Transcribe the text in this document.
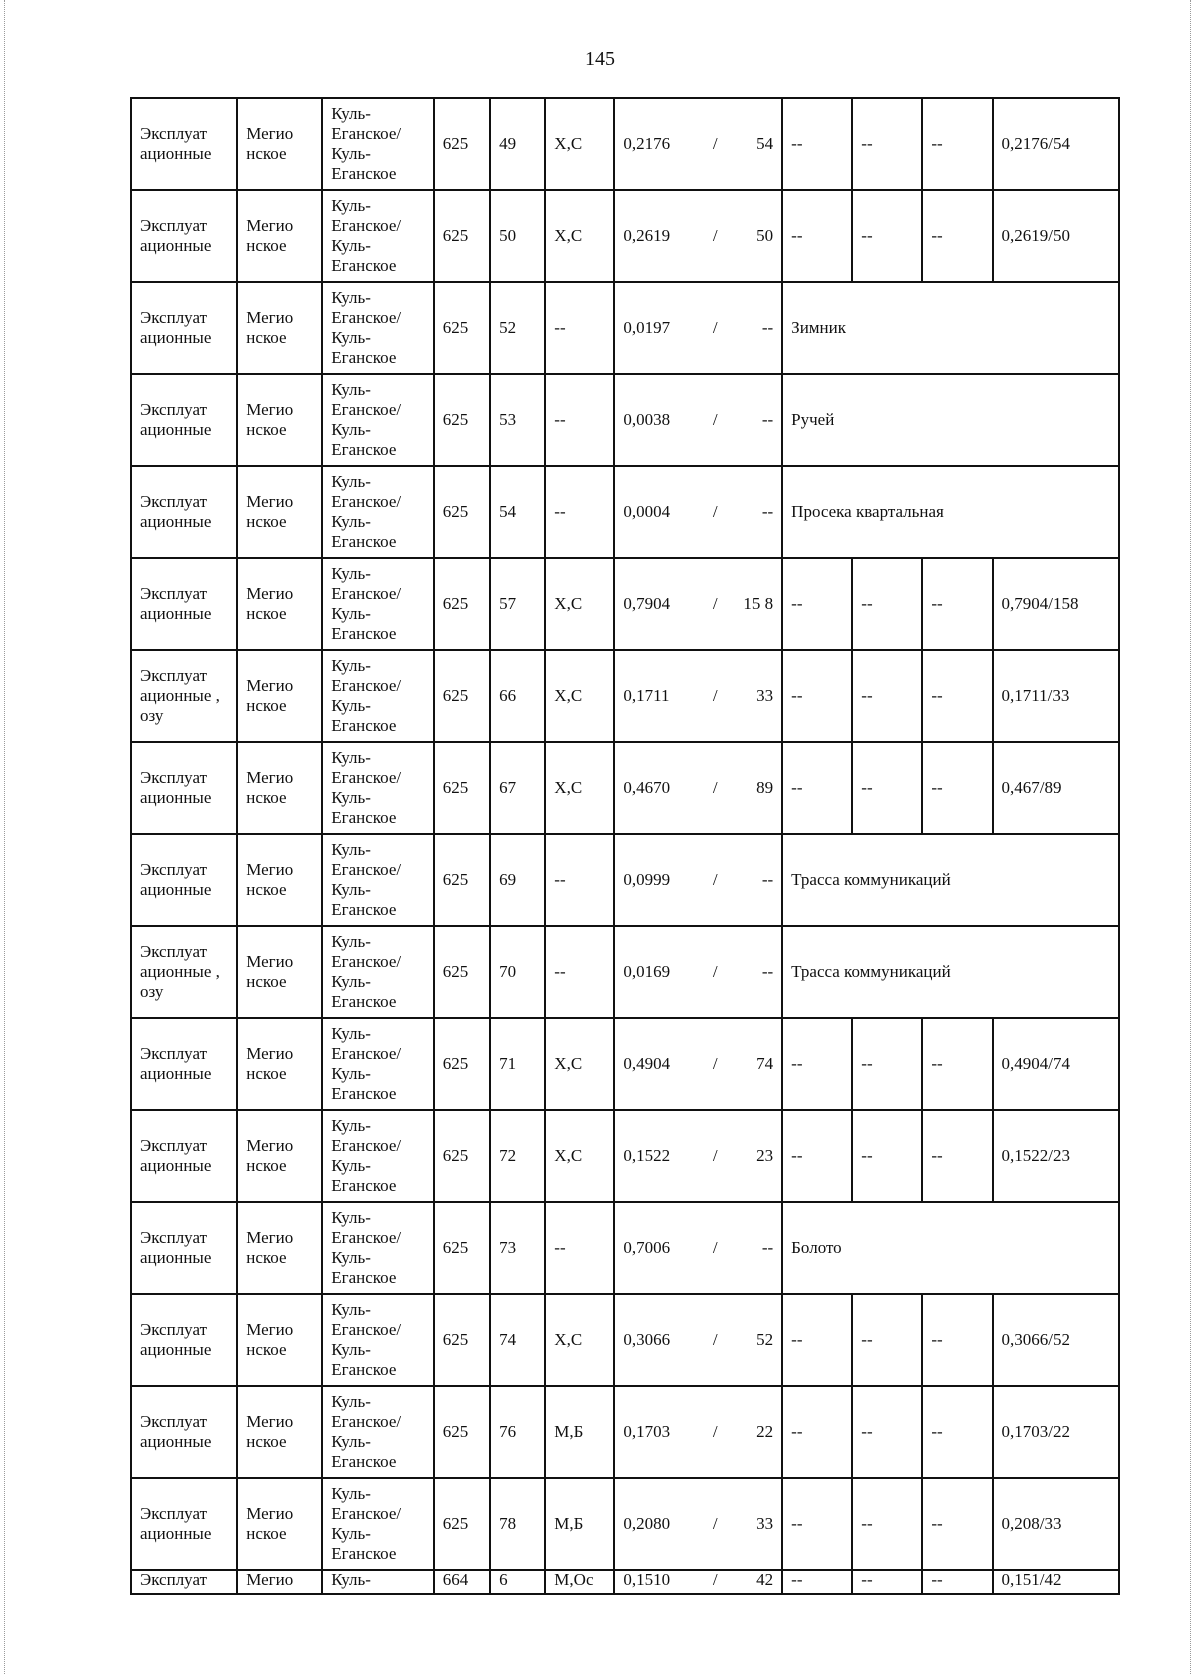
145
Эксплуат ационные	Мегио нское	Куль- Еганское/ Куль- Еганское	625	49	Х,С	0,2176	/	54	--	--	--	0,2176/54
Эксплуат ационные	Мегио нское	Куль- Еганское/ Куль- Еганское	625	50	Х,С	0,2619	/	50	--	--	--	0,2619/50
Эксплуат ационные	Мегио нское	Куль- Еганское/ Куль- Еганское	625	52	--	0,0197	/	--	Зимник			
Эксплуат ационные	Мегио нское	Куль- Еганское/ Куль- Еганское	625	53	--	0,0038	/	--	Ручей			
Эксплуат ационные	Мегио нское	Куль- Еганское/ Куль- Еганское	625	54	--	0,0004	/	--	Просека квартальная			
Эксплуат ационные	Мегио нское	Куль- Еганское/ Куль- Еганское	625	57	Х,С	0,7904	/	15 8	--	--	--	0,7904/158
Эксплуат ационные , озу	Мегио нское	Куль- Еганское/ Куль- Еганское	625	66	Х,С	0,1711	/	33	--	--	--	0,1711/33
Эксплуат ационные	Мегио нское	Куль- Еганское/ Куль- Еганское	625	67	Х,С	0,4670	/	89	--	--	--	0,467/89
Эксплуат ационные	Мегио нское	Куль- Еганское/ Куль- Еганское	625	69	--	0,0999	/	--	Трасса коммуникаций			
Эксплуат ационные , озу	Мегио нское	Куль- Еганское/ Куль- Еганское	625	70	--	0,0169	/	--	Трасса коммуникаций			
Эксплуат ационные	Мегио нское	Куль- Еганское/ Куль- Еганское	625	71	Х,С	0,4904	/	74	--	--	--	0,4904/74
Эксплуат ационные	Мегио нское	Куль- Еганское/ Куль- Еганское	625	72	Х,С	0,1522	/	23	--	--	--	0,1522/23
Эксплуат ационные	Мегио нское	Куль- Еганское/ Куль- Еганское	625	73	--	0,7006	/	--	Болото			
Эксплуат ационные	Мегио нское	Куль- Еганское/ Куль- Еганское	625	74	Х,С	0,3066	/	52	--	--	--	0,3066/52
Эксплуат ационные	Мегио нское	Куль- Еганское/ Куль- Еганское	625	76	М,Б	0,1703	/	22	--	--	--	0,1703/22
Эксплуат ационные	Мегио нское	Куль- Еганское/ Куль- Еганское	625	78	М,Б	0,2080	/	33	--	--	--	0,208/33
Эксплуат	Мегио	Куль-	664	6	М,Ос	0,1510	/	42	--	--	--	0,151/42
